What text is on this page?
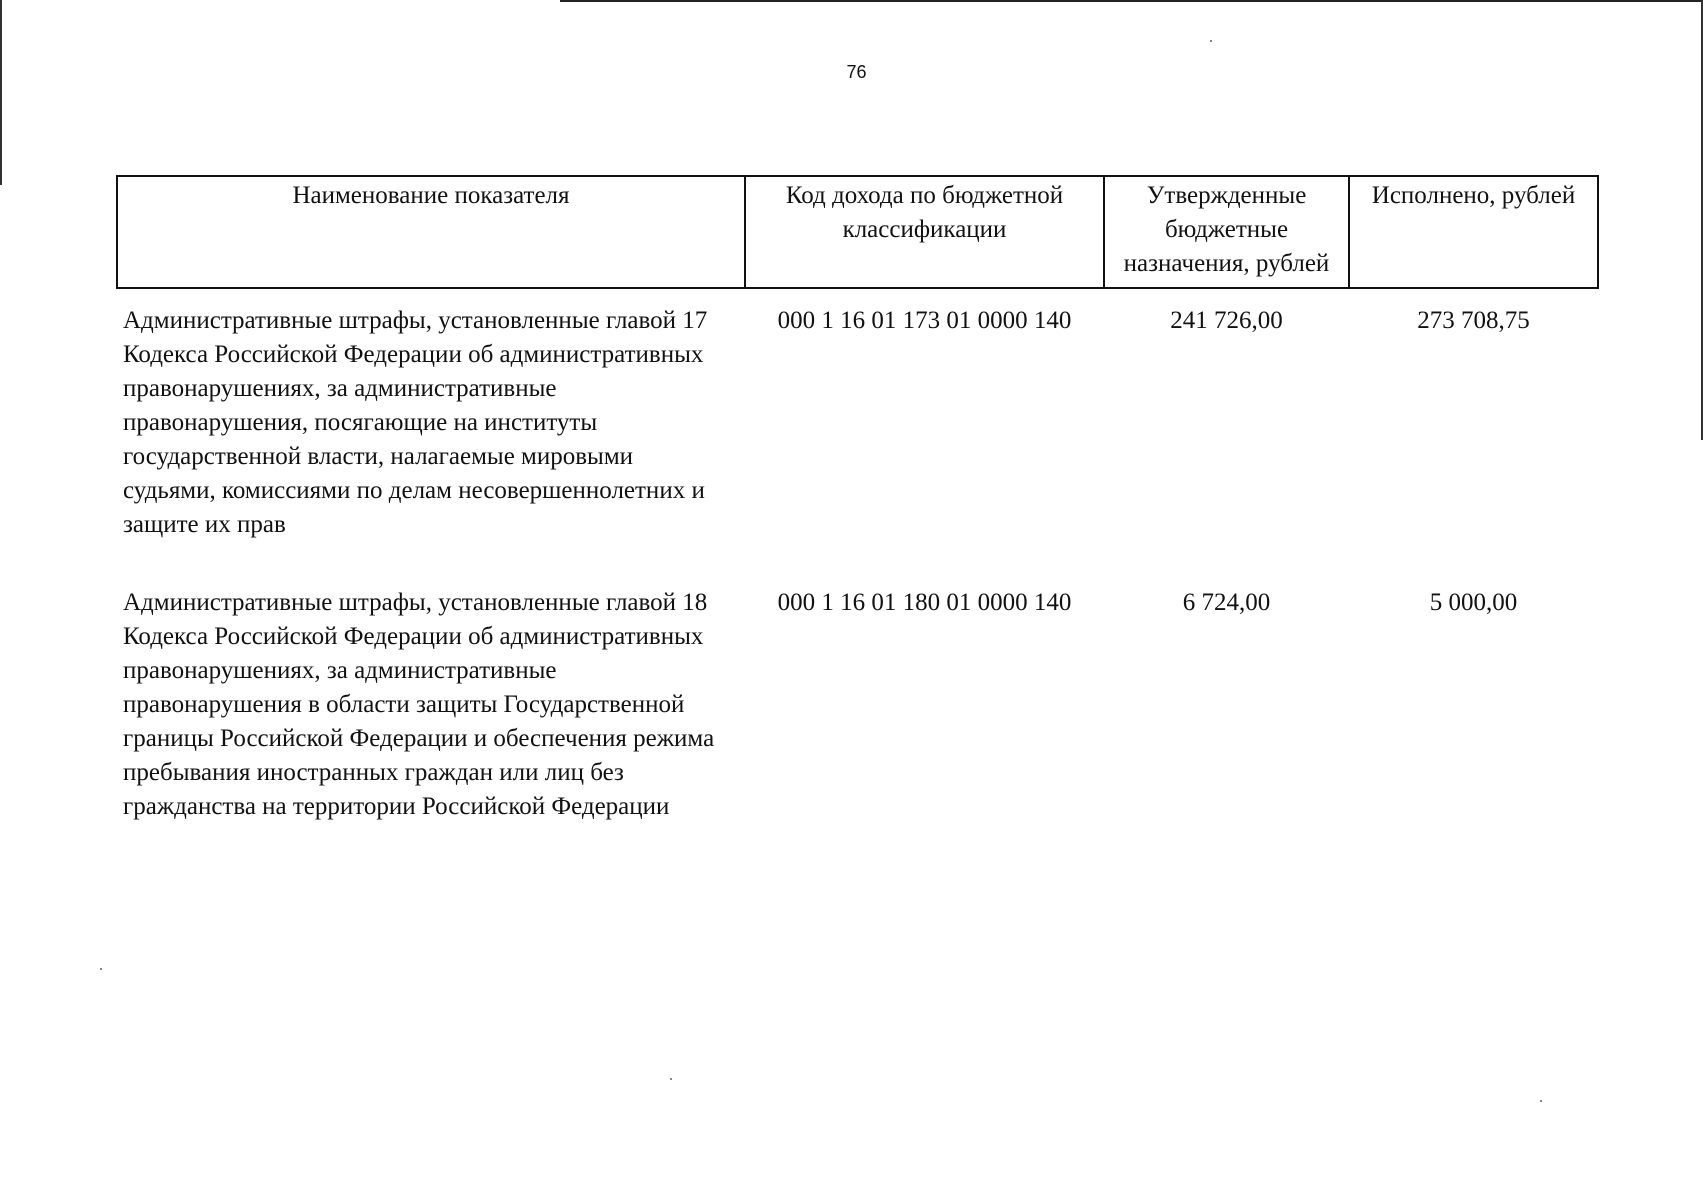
76
Наименование показателя	Код дохода по бюджетной классификации	Утвержденные бюджетные назначения, рублей	Исполнено, рублей
Административные штрафы, установленные главой 17 Кодекса Российской Федерации об административных правонарушениях, за административные правонарушения, посягающие на институты государственной власти, налагаемые мировыми судьями, комиссиями по делам несовершеннолетних и защите их прав	000 1 16 01 173 01 0000 140	241 726,00	273 708,75
Административные штрафы, установленные главой 18 Кодекса Российской Федерации об административных правонарушениях, за административные правонарушения в области защиты Государственной границы Российской Федерации и обеспечения режима пребывания иностранных граждан или лиц без гражданства на территории Российской Федерации	000 1 16 01 180 01 0000 140	6 724,00	5 000,00
